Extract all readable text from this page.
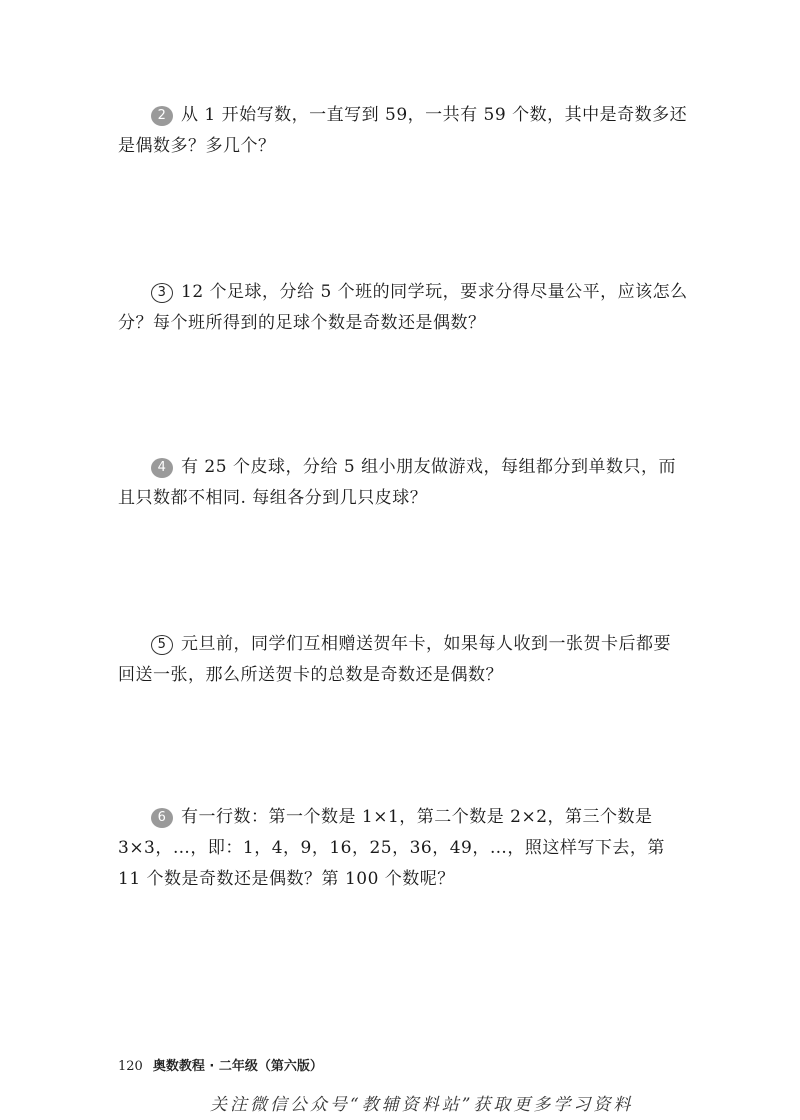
2 从 1 开始写数，一直写到 59，一共有 59 个数，其中是奇数多还是偶数多？多几个？
3 12 个足球，分给 5 个班的同学玩，要求分得尽量公平，应该怎么分？每个班所得到的足球个数是奇数还是偶数？
4 有 25 个皮球，分给 5 组小朋友做游戏，每组都分到单数只，而且只数都不相同. 每组各分到几只皮球？
5 元旦前，同学们互相赠送贺年卡，如果每人收到一张贺卡后都要回送一张，那么所送贺卡的总数是奇数还是偶数？
6 有一行数：第一个数是 1×1，第二个数是 2×2，第三个数是 3×3，…，即：1，4，9，16，25，36，49，…，照这样写下去，第 11 个数是奇数还是偶数？第 100 个数呢？
120 奥数教程 · 二年级（第六版）
关注微信公众号“教辅资料站”获取更多学习资料
